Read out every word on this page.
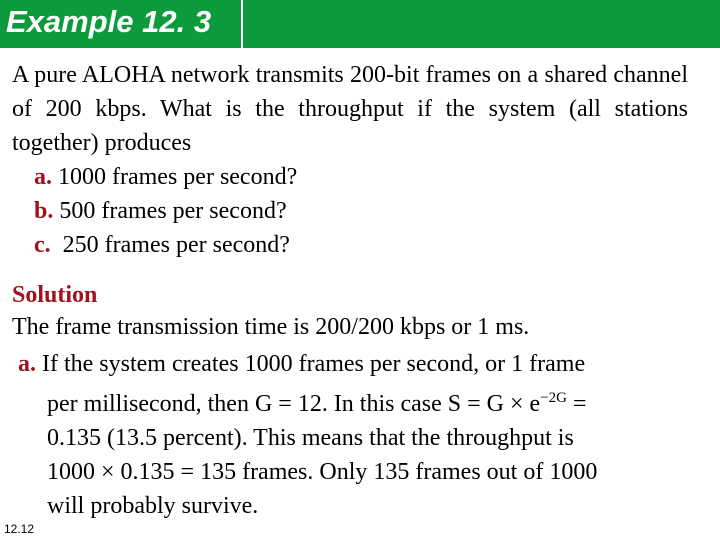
Example 12. 3

A pure ALOHA network transmits 200-bit frames on a shared channel of 200 kbps. What is the throughput if the system (all stations together) produces

a. 1000 frames per second?

b. 500 frames per second?

c. 250 frames per second?

Solution
The frame transmission time is 200/200 kbps or 1 ms.

a. If the system creates 1000 frames per second, or 1 frame

per millisecond, then G = 12. In this case $S = G \times e^{-2G}$ =

0.135 (13.5 percent). This means that the throughput is

1000 × 0.135 = 135 frames. Only 135 frames out of 1000

will probably survive.

12.12
